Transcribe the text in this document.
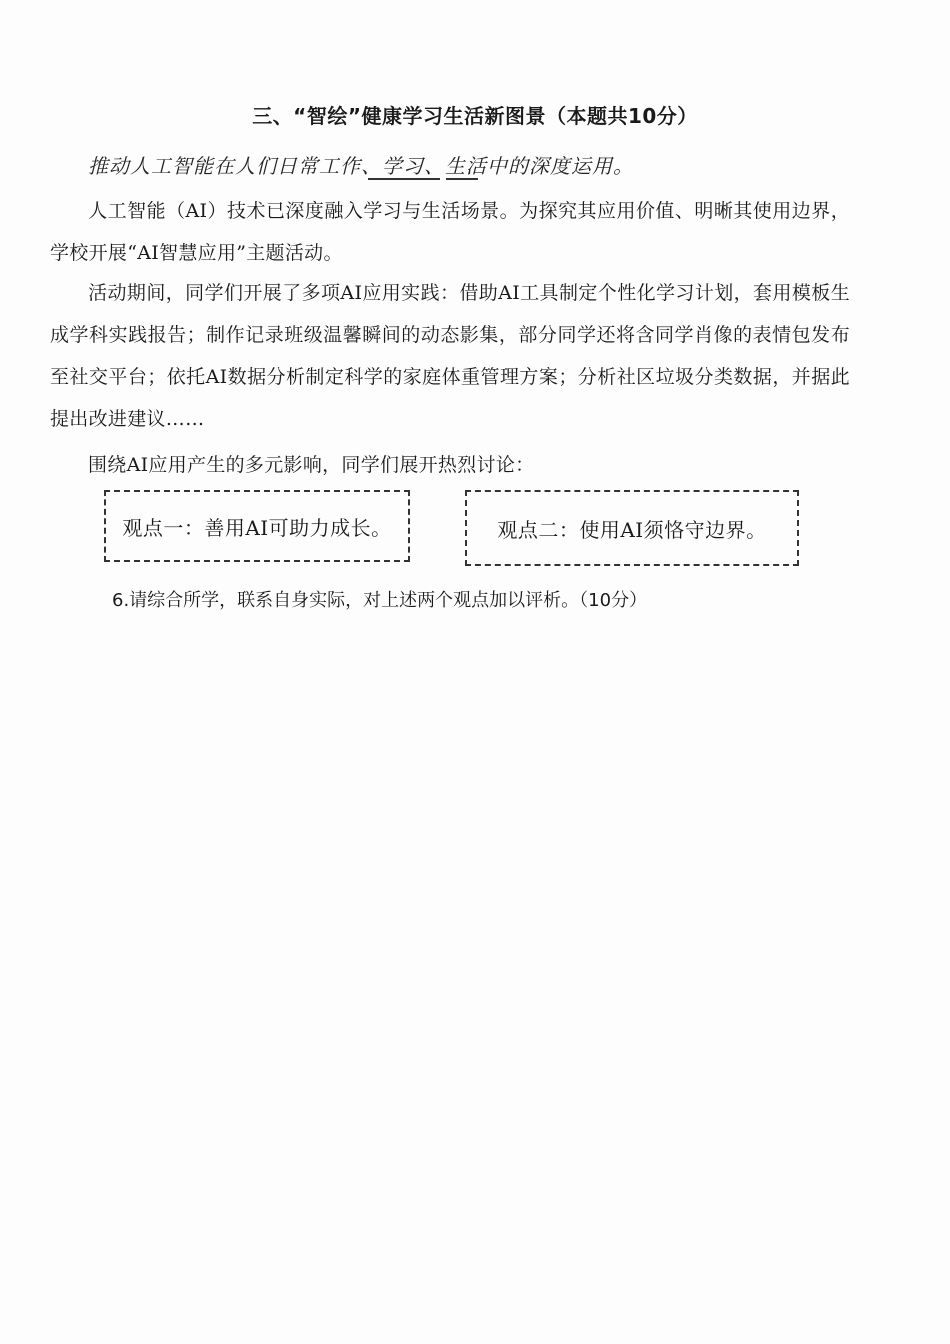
三、“智绘”健康学习生活新图景（本题共10分）
推动人工智能在人们日常工作、学习、生活中的深度运用。
人工智能（AI）技术已深度融入学习与生活场景。为探究其应用价值、明晰其使用边界，学校开展“AI智慧应用”主题活动。
活动期间，同学们开展了多项AI应用实践：借助AI工具制定个性化学习计划，套用模板生成学科实践报告；制作记录班级温馨瞬间的动态影集，部分同学还将含同学肖像的表情包发布至社交平台；依托AI数据分析制定科学的家庭体重管理方案；分析社区垃圾分类数据，并据此提出改进建议……
围绕AI应用产生的多元影响，同学们展开热烈讨论：
观点一：善用AI可助力成长。	观点二：使用AI须恪守边界。
6.请综合所学，联系自身实际，对上述两个观点加以评析。（10分）
